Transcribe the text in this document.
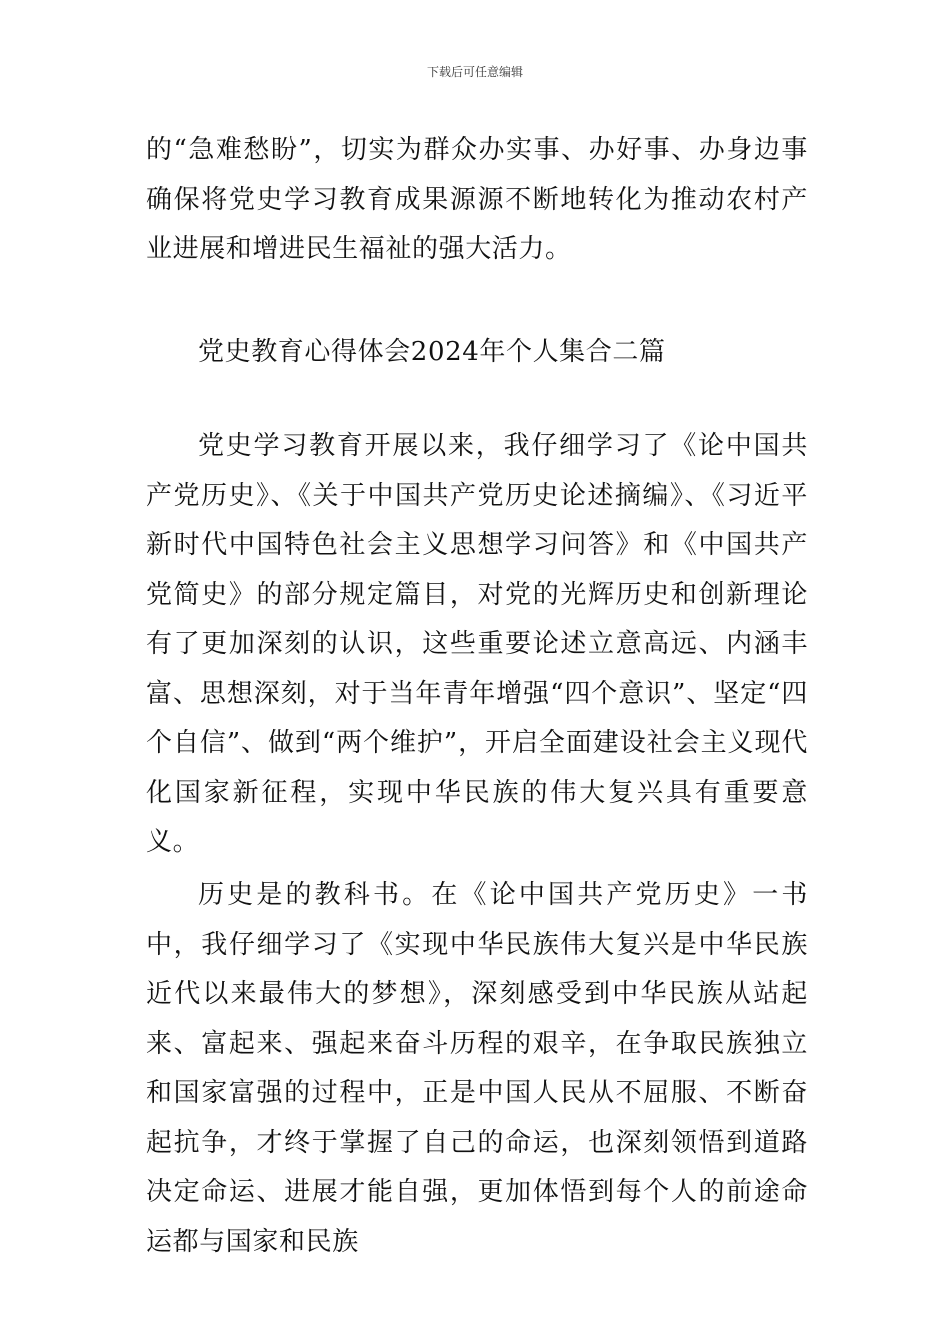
下载后可任意编辑

的“急难愁盼”，切实为群众办实事、办好事、办身边事确保将党史学习教育成果源源不断地转化为推动农村产业进展和增进民生福祉的强大活力。

党史教育心得体会2024年个人集合二篇

党史学习教育开展以来，我仔细学习了《论中国共产党历史》、《关于中国共产党历史论述摘编》、《习近平新时代中国特色社会主义思想学习问答》和《中国共产党简史》的部分规定篇目，对党的光辉历史和创新理论有了更加深刻的认识，这些重要论述立意高远、内涵丰富、思想深刻，对于当年青年增强“四个意识”、坚定“四个自信”、做到“两个维护”，开启全面建设社会主义现代化国家新征程，实现中华民族的伟大复兴具有重要意义。

历史是的教科书。在《论中国共产党历史》一书中，我仔细学习了《实现中华民族伟大复兴是中华民族近代以来最伟大的梦想》，深刻感受到中华民族从站起来、富起来、强起来奋斗历程的艰辛，在争取民族独立和国家富强的过程中，正是中国人民从不屈服、不断奋起抗争，才终于掌握了自己的命运，也深刻领悟到道路决定命运、进展才能自强，更加体悟到每个人的前途命运都与国家和民族
